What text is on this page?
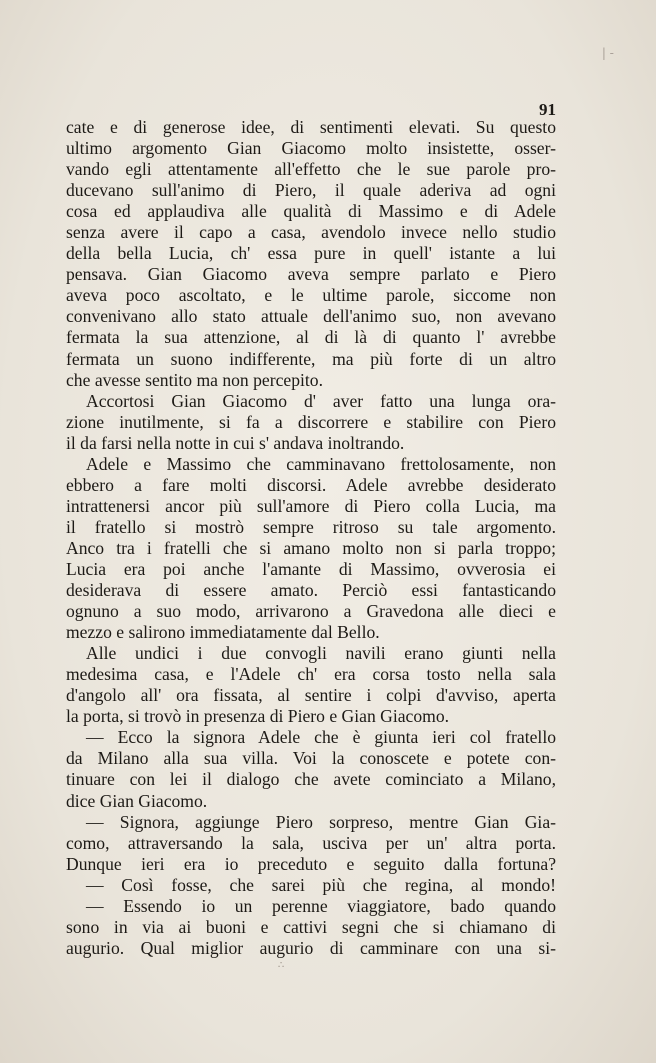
| -
91
cate e di generose idee, di sentimenti elevati. Su questo
ultimo argomento Gian Giacomo molto insistette, osser-
vando egli attentamente all'effetto che le sue parole pro-
ducevano sull'animo di Piero, il quale aderiva ad ogni
cosa ed applaudiva alle qualità di Massimo e di Adele
senza avere il capo a casa, avendolo invece nello studio
della bella Lucia, ch' essa pure in quell' istante a lui
pensava. Gian Giacomo aveva sempre parlato e Piero
aveva poco ascoltato, e le ultime parole, siccome non
convenivano allo stato attuale dell'animo suo, non avevano
fermata la sua attenzione, al di là di quanto l' avrebbe
fermata un suono indifferente, ma più forte di un altro
che avesse sentito ma non percepito.
Accortosi Gian Giacomo d' aver fatto una lunga ora-
zione inutilmente, si fa a discorrere e stabilire con Piero
il da farsi nella notte in cui s' andava inoltrando.
Adele e Massimo che camminavano frettolosamente, non
ebbero a fare molti discorsi. Adele avrebbe desiderato
intrattenersi ancor più sull'amore di Piero colla Lucia, ma
il fratello si mostrò sempre ritroso su tale argomento.
Anco tra i fratelli che si amano molto non si parla troppo;
Lucia era poi anche l'amante di Massimo, ovverosia ei
desiderava di essere amato. Perciò essi fantasticando
ognuno a suo modo, arrivarono a Gravedona alle dieci e
mezzo e salirono immediatamente dal Bello.
Alle undici i due convogli navili erano giunti nella
medesima casa, e l'Adele ch' era corsa tosto nella sala
d'angolo all' ora fissata, al sentire i colpi d'avviso, aperta
la porta, si trovò in presenza di Piero e Gian Giacomo.
— Ecco la signora Adele che è giunta ieri col fratello
da Milano alla sua villa. Voi la conoscete e potete con-
tinuare con lei il dialogo che avete cominciato a Milano,
dice Gian Giacomo.
— Signora, aggiunge Piero sorpreso, mentre Gian Gia-
como, attraversando la sala, usciva per un' altra porta.
Dunque ieri era io preceduto e seguito dalla fortuna?
— Così fosse, che sarei più che regina, al mondo!
— Essendo io un perenne viaggiatore, bado quando
sono in via ai buoni e cattivi segni che si chiamano di
augurio. Qual miglior augurio di camminare con una si-
∴
